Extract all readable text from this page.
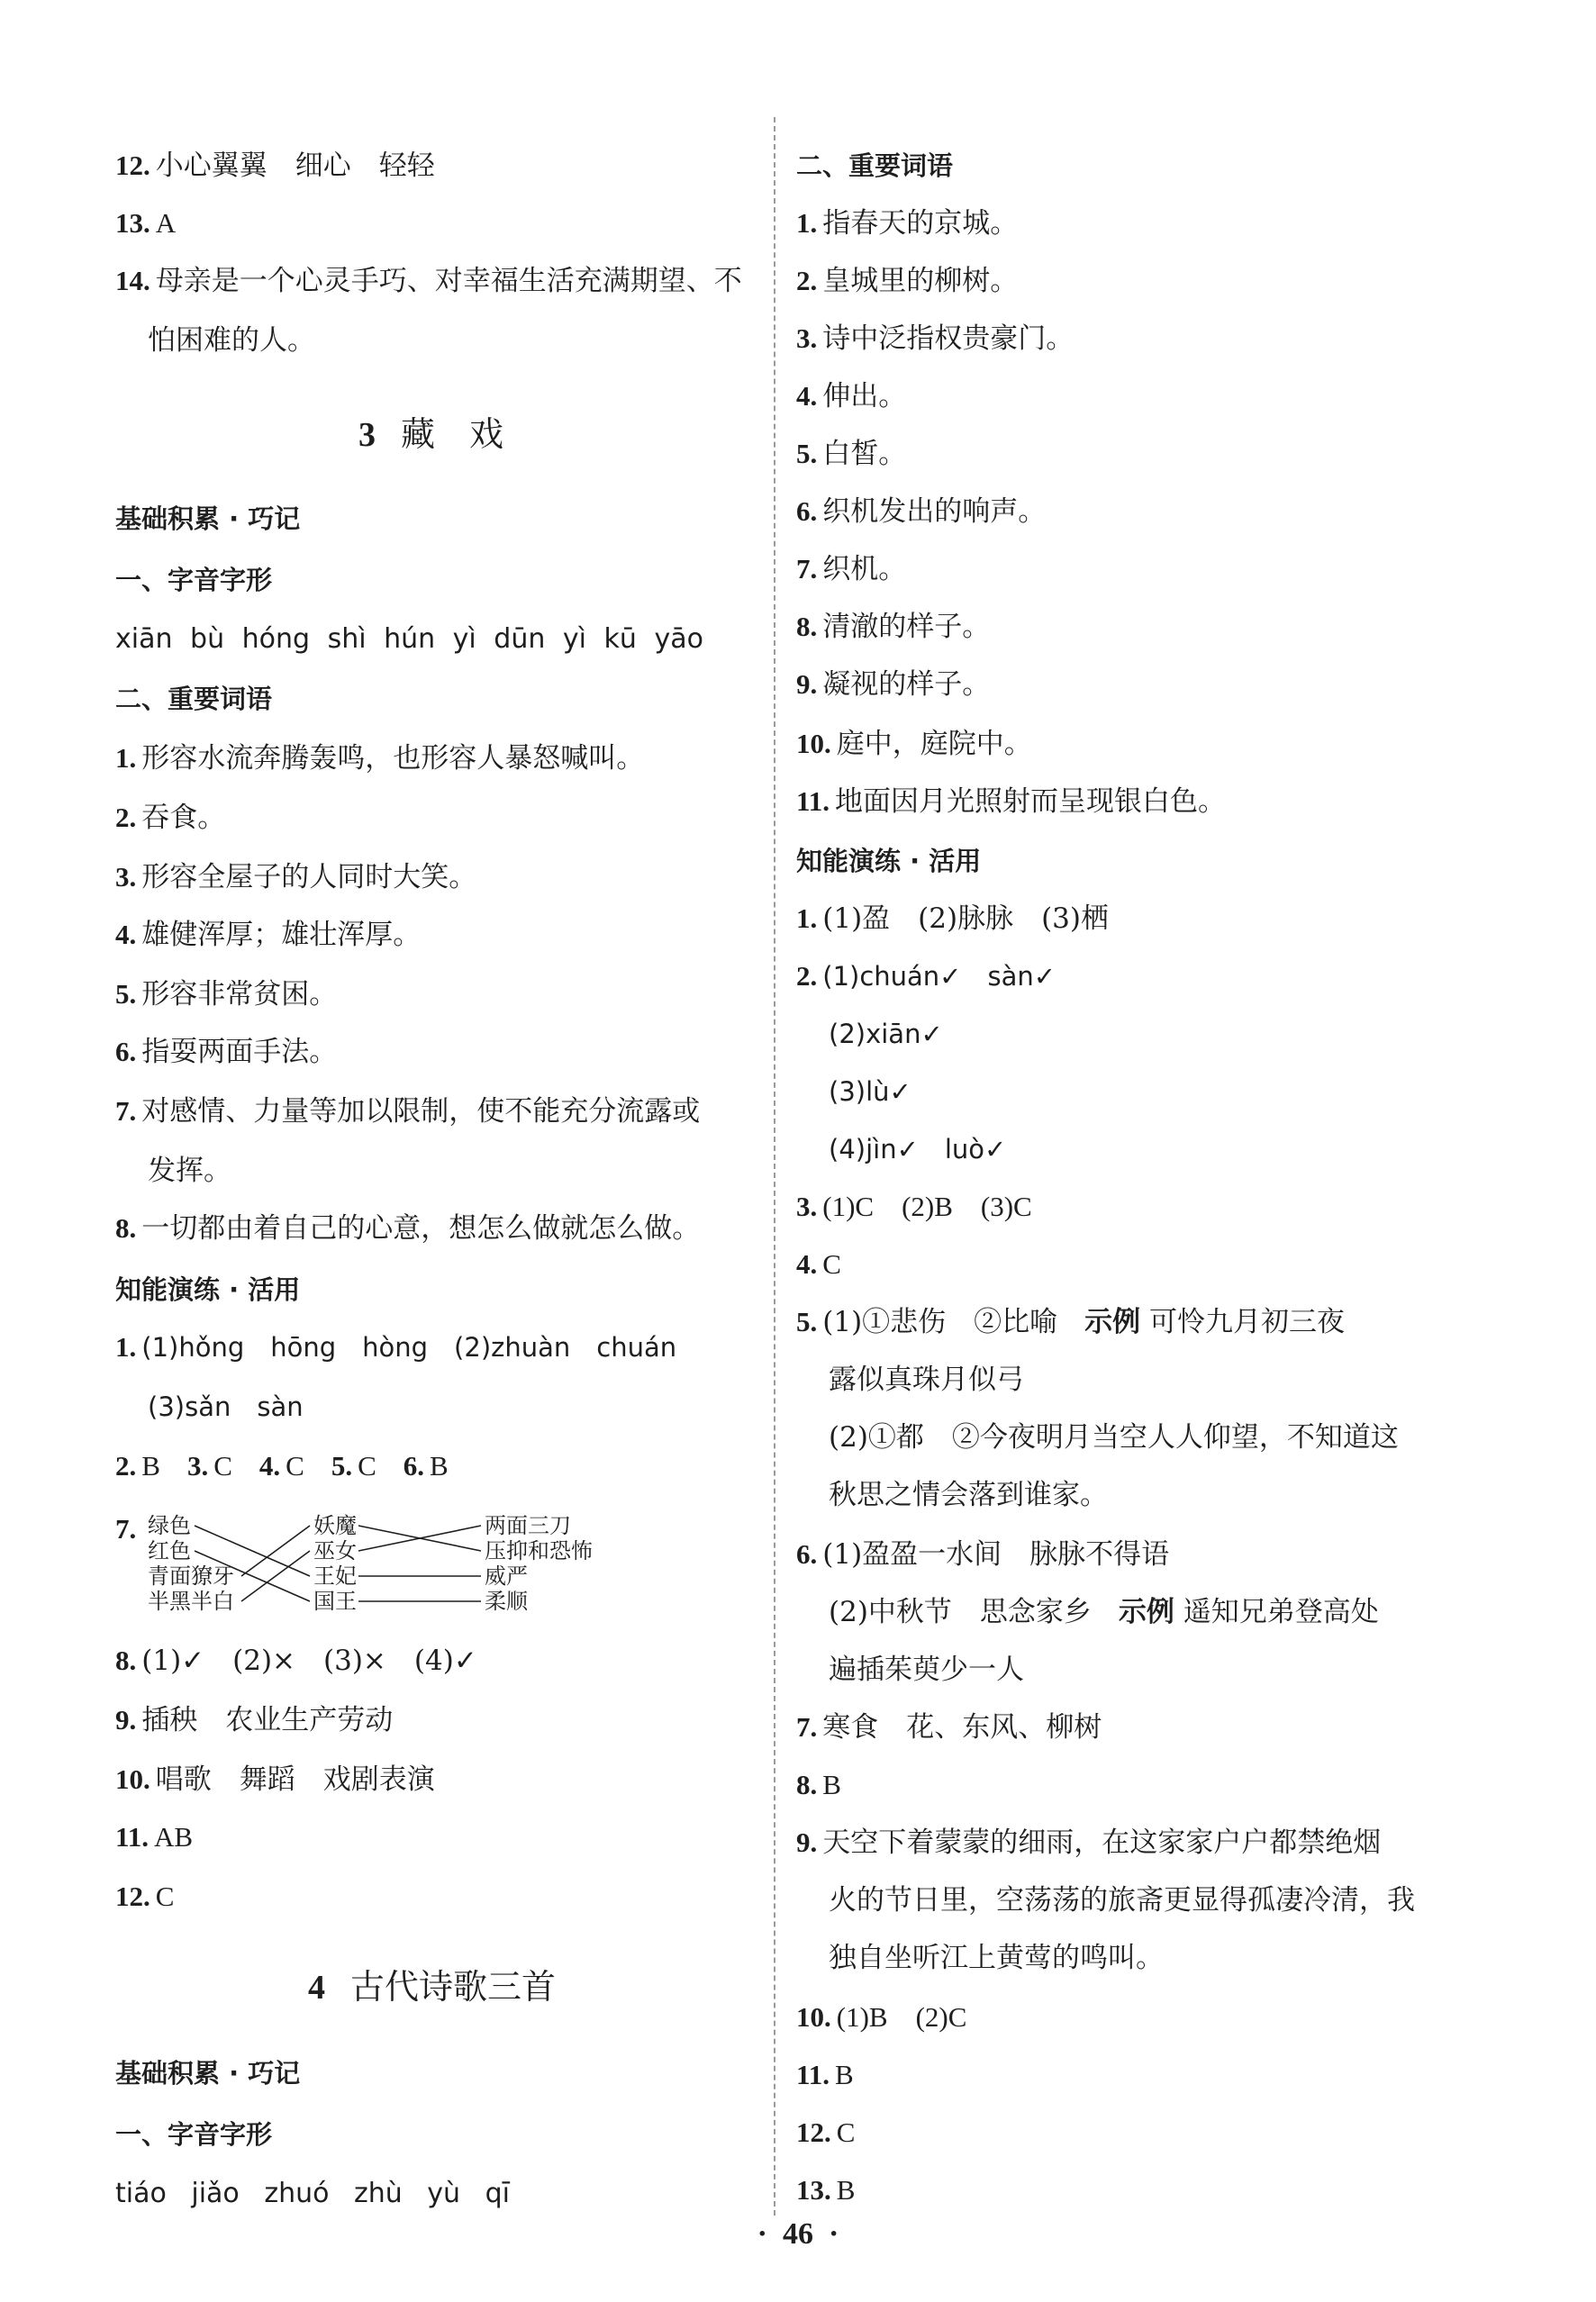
12. 小心翼翼　细心　轻轻
13. A
14. 母亲是一个心灵手巧、对幸福生活充满期望、不
怕困难的人。
3 藏　戏
基础积累 · 巧记
一、字音字形
xiān bù hóng shì hún yì dūn yì kū yāo
二、重要词语
1. 形容水流奔腾轰鸣，也形容人暴怒喊叫。
2. 吞食。
3. 形容全屋子的人同时大笑。
4. 雄健浑厚；雄壮浑厚。
5. 形容非常贫困。
6. 指耍两面手法。
7. 对感情、力量等加以限制，使不能充分流露或
发挥。
8. 一切都由着自己的心意，想怎么做就怎么做。
知能演练 · 活用
1. (1)hǒng　hōng　hòng　(2)zhuàn　chuán
(3)sǎn　sàn
2. B 3. C 4. C 5. C 6. B
7. 绿色
红色
青面獠牙
半黑半白
妖魔
巫女
王妃
国王
两面三刀
压抑和恐怖
威严
柔顺
8. (1)✓　(2)×　(3)×　(4)✓
9. 插秧　农业生产劳动
10. 唱歌　舞蹈　戏剧表演
11. AB
12. C
4 古代诗歌三首
基础积累 · 巧记
一、字音字形
tiáo jiǎo zhuó zhù yù qī
二、重要词语
1. 指春天的京城。
2. 皇城里的柳树。
3. 诗中泛指权贵豪门。
4. 伸出。
5. 白皙。
6. 织机发出的响声。
7. 织机。
8. 清澈的样子。
9. 凝视的样子。
10. 庭中，庭院中。
11. 地面因月光照射而呈现银白色。
知能演练 · 活用
1. (1)盈　(2)脉脉　(3)栖
2. (1)chuán✓　sàn✓
(2)xiān✓
(3)lù✓
(4)jìn✓　luò✓
3. (1)C　(2)B　(3)C
4. C
5. (1)①悲伤　②比喻 示例 可怜九月初三夜
露似真珠月似弓
(2)①都　②今夜明月当空人人仰望，不知道这
秋思之情会落到谁家。
6. (1)盈盈一水间　脉脉不得语
(2)中秋节　思念家乡 示例 遥知兄弟登高处
遍插茱萸少一人
7. 寒食　花、东风、柳树
8. B
9. 天空下着蒙蒙的细雨，在这家家户户都禁绝烟
火的节日里，空荡荡的旅斋更显得孤凄冷清，我
独自坐听江上黄莺的鸣叫。
10. (1)B　(2)C
11. B
12. C
13. B
·  46  ·
